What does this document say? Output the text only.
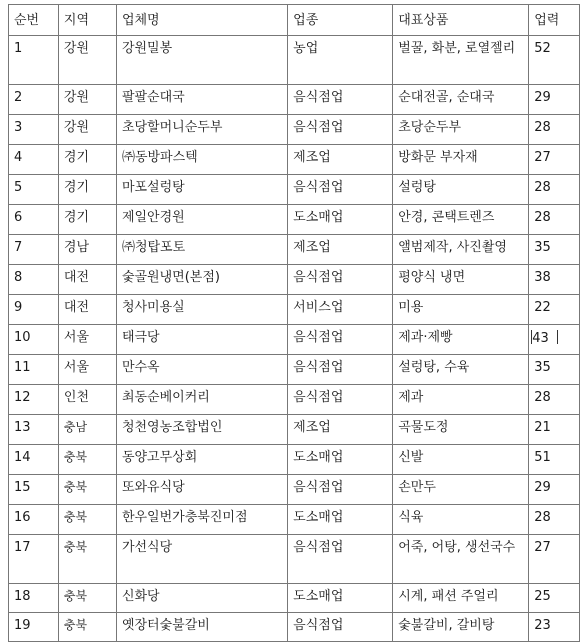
순번	지역	업체명	업종	대표상품	업력
1	강원	강원밀봉	농업	벌꿀, 화분, 로열젤리	52
2	강원	팔팔순대국	음식점업	순대전골, 순대국	29
3	강원	초당할머니순두부	음식점업	초당순두부	28
4	경기	㈜동방파스텍	제조업	방화문 부자재	27
5	경기	마포설렁탕	음식점업	설렁탕	28
6	경기	제일안경원	도소매업	안경, 콘택트렌즈	28
7	경남	㈜청탑포토	제조업	앨범제작, 사진촬영	35
8	대전	숯골원냉면(본점)	음식점업	평양식 냉면	38
9	대전	청사미용실	서비스업	미용	22
10	서울	태극당	음식점업	제과·제빵	43
11	서울	만수옥	음식점업	설렁탕, 수육	35
12	인천	최동순베이커리	음식점업	제과	28
13	충남	청천영농조합법인	제조업	곡물도정	21
14	충북	동양고무상회	도소매업	신발	51
15	충북	또와유식당	음식점업	손만두	29
16	충북	한우일번가충북진미점	도소매업	식육	28
17	충북	가선식당	음식점업	어죽, 어탕, 생선국수	27
18	충북	신화당	도소매업	시계, 패션 주얼리	25
19	충북	옛장터숯불갈비	음식점업	숯불갈비, 갈비탕	23
